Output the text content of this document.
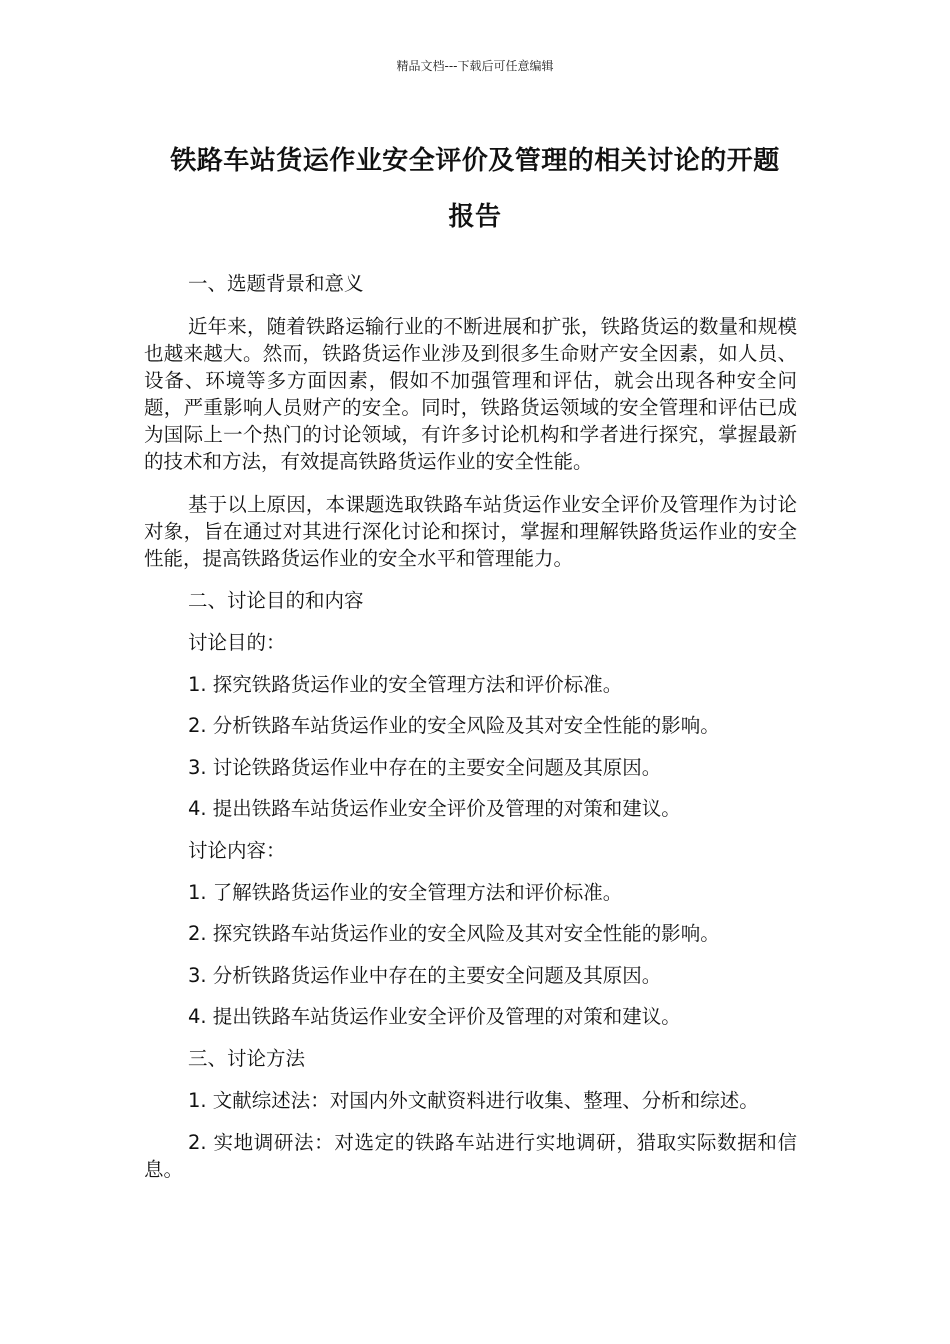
精品文档---下载后可任意编辑
铁路车站货运作业安全评价及管理的相关讨论的开题
报告
一、选题背景和意义
近年来，随着铁路运输行业的不断进展和扩张，铁路货运的数量和规模也越来越大。然而，铁路货运作业涉及到很多生命财产安全因素，如人员、设备、环境等多方面因素，假如不加强管理和评估，就会出现各种安全问题，严重影响人员财产的安全。同时，铁路货运领域的安全管理和评估已成为国际上一个热门的讨论领域，有许多讨论机构和学者进行探究，掌握最新的技术和方法，有效提高铁路货运作业的安全性能。
基于以上原因，本课题选取铁路车站货运作业安全评价及管理作为讨论对象，旨在通过对其进行深化讨论和探讨，掌握和理解铁路货运作业的安全性能，提高铁路货运作业的安全水平和管理能力。
二、讨论目的和内容
讨论目的：
1. 探究铁路货运作业的安全管理方法和评价标准。
2. 分析铁路车站货运作业的安全风险及其对安全性能的影响。
3. 讨论铁路货运作业中存在的主要安全问题及其原因。
4. 提出铁路车站货运作业安全评价及管理的对策和建议。
讨论内容：
1. 了解铁路货运作业的安全管理方法和评价标准。
2. 探究铁路车站货运作业的安全风险及其对安全性能的影响。
3. 分析铁路货运作业中存在的主要安全问题及其原因。
4. 提出铁路车站货运作业安全评价及管理的对策和建议。
三、讨论方法
1. 文献综述法：对国内外文献资料进行收集、整理、分析和综述。
2. 实地调研法：对选定的铁路车站进行实地调研，猎取实际数据和信息。
